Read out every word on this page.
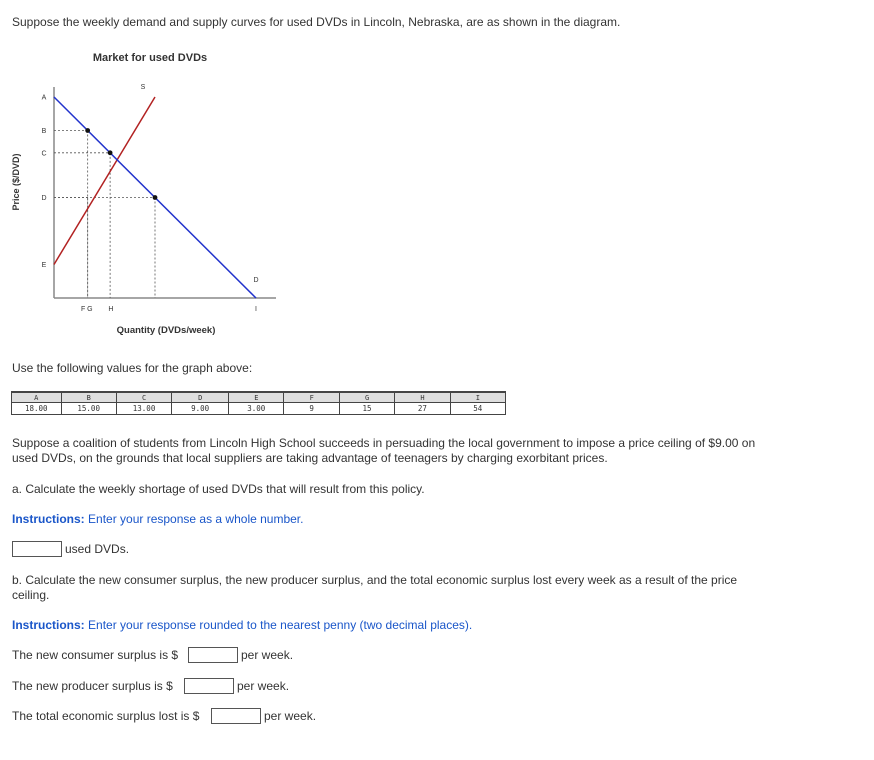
Suppose the weekly demand and supply curves for used DVDs in Lincoln, Nebraska, are as shown in the diagram.
Market for used DVDs
Price ($/DVD)
Quantity (DVDs/week)
S
D
A
B
C
D
E
F G H	I
Use the following values for the graph above:
A	B	C	D	E	F	G	H	I
18.00	15.00	13.00	9.00	3.00	9	15	27	54
Suppose a coalition of students from Lincoln High School succeeds in persuading the local government to impose a price ceiling of $9.00 on used DVDs, on the grounds that local suppliers are taking advantage of teenagers by charging exorbitant prices.
a. Calculate the weekly shortage of used DVDs that will result from this policy.
Instructions: Enter your response as a whole number.
used DVDs.
b. Calculate the new consumer surplus, the new producer surplus, and the total economic surplus lost every week as a result of the price ceiling.
Instructions: Enter your response rounded to the nearest penny (two decimal places).
The new consumer surplus is $	per week.
The new producer surplus is $	per week.
The total economic surplus lost is $	per week.
